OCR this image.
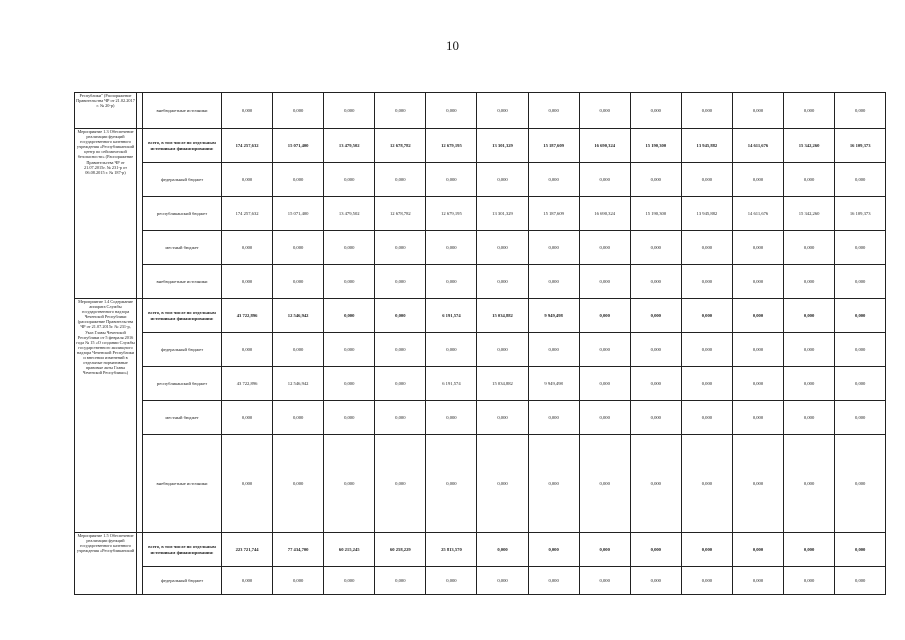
10
Республики" (Распоряжение Правительства ЧР от 21.02.2017 г. № 20-р)		внебюджетные источники	0,000	0,000	0,000	0,000	0,000	0,000	0,000	0,000	0,000	0,000	0,000	0,000	0,000
Мероприятие 1.3 Обеспечение реализации функций государственного казенного учреждения «Республиканский центр по сейсмической безопасности» (Распоряжение Правительства ЧР от 21.07.2015г. № 231-р от 06.08.2015 г. № 187-р)		всего, в том числе по отдельным источникам финансирования:	174 257,632	15 071,400	13 479,502	12 678,782	12 679,195	13 301,329	15 187,609	16 690,324	15 190,300	13 945,882	14 611,676	15 342,260	16 109,373
		федеральный бюджет	0,000	0,000	0,000	0,000	0,000	0,000	0,000	0,000	0,000	0,000	0,000	0,000	0,000
		республиканский бюджет	174 257,632	15 071,400	13 479,502	12 678,782	12 679,195	13 301,329	15 187,609	16 690,324	15 190,300	13 945,882	14 611,676	15 342,260	16 109,373
		местный бюджет	0,000	0,000	0,000	0,000	0,000	0,000	0,000	0,000	0,000	0,000	0,000	0,000	0,000
		внебюджетные источники	0,000	0,000	0,000	0,000	0,000	0,000	0,000	0,000	0,000	0,000	0,000	0,000	0,000
Мероприятие 1.4 Содержание аппарата Службы государственного надзора Чеченской Республики (распоряжение Правительства ЧР от 21.07.2015г. № 231-р, Указ Главы Чеченской Республики от 5 февраля 2016 года № 15 «О создании Службы государственного жилищного надзора Чеченской Республики и внесении изменений в отдельные нормативные правовые акты Главы Чеченской Республики»)		всего, в том числе по отдельным источникам финансирования:	43 722,896	12 546,942	0,000	0,000	6 191,574	15 034,882	9 949,498	0,000	0,000	0,000	0,000	0,000	0,000
		федеральный бюджет	0,000	0,000	0,000	0,000	0,000	0,000	0,000	0,000	0,000	0,000	0,000	0,000	0,000
		республиканский бюджет	43 722,896	12 546,942	0,000	0,000	6 191,574	15 034,882	9 949,498	0,000	0,000	0,000	0,000	0,000	0,000
		местный бюджет	0,000	0,000	0,000	0,000	0,000	0,000	0,000	0,000	0,000	0,000	0,000	0,000	0,000
		внебюджетные источники	0,000	0,000	0,000	0,000	0,000	0,000	0,000	0,000	0,000	0,000	0,000	0,000	0,000
Мероприятие 1.5 Обеспечение реализации функций государственного казенного учреждения «Республиканский		всего, в том числе по отдельным источникам финансирования:	223 721,744	77 434,700	60 215,245	60 258,229	25 813,570	0,000	0,000	0,000	0,000	0,000	0,000	0,000	0,000
		федеральный бюджет	0,000	0,000	0,000	0,000	0,000	0,000	0,000	0,000	0,000	0,000	0,000	0,000	0,000
